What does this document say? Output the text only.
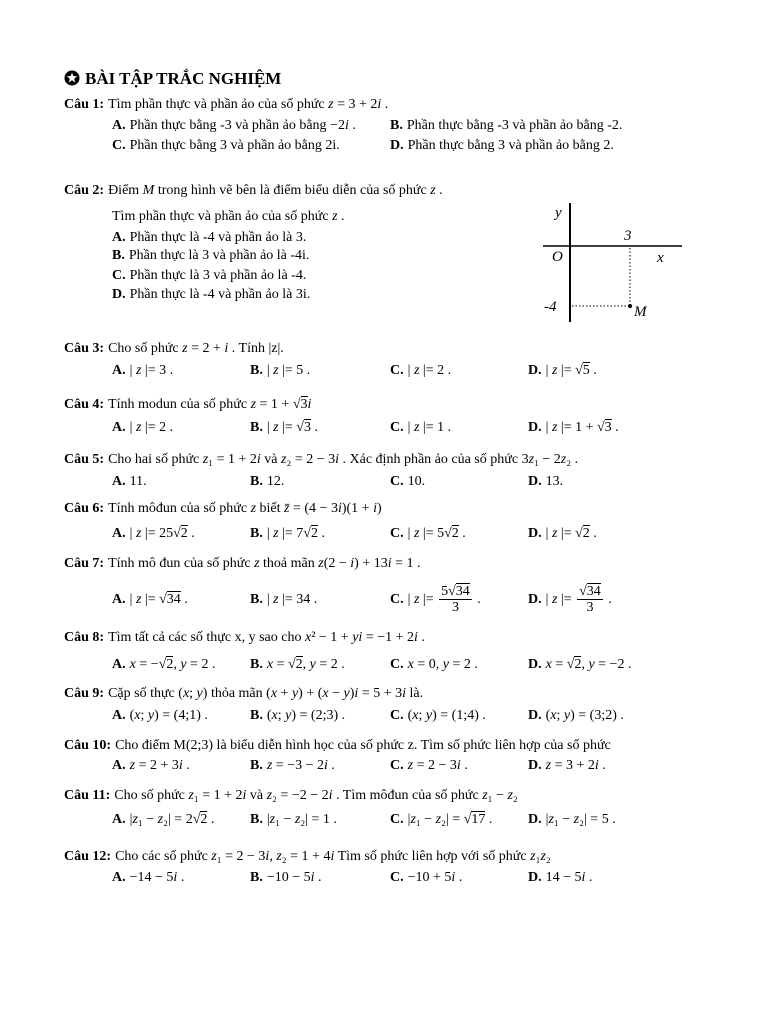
BÀI TẬP TRẮC NGHIỆM
y
O	x
3
-4	M
Câu 1: Tìm phần thực và phần ảo của số phức z = 3 + 2i .
A. Phần thực bằng -3 và phần ảo bằng −2i . B. Phần thực bằng -3 và phần ảo bằng -2.
C. Phần thực bằng 3 và phần ảo bằng 2i.	D. Phần thực bằng 3 và phần ảo bằng 2.
Câu 2: Điểm M trong hình vẽ bên là điểm biểu diễn của số phức z .
Tìm phần thực và phần ảo của số phức z .
A. Phần thực là -4 và phần ảo là 3.
B. Phần thực là 3 và phần ảo là -4i.
C. Phần thực là 3 và phần ảo là -4.
D. Phần thực là -4 và phần ảo là 3i.
Câu 3: Cho số phức z = 2 + i . Tính |z|.
A. | z |= 3 .	B. | z |= 5 .	C. | z |= 2 .	D. | z |= √5 .
Câu 4: Tính modun của số phức z = 1 + √3i
A. | z |= 2 .	B. | z |= √3 .	C. | z |= 1 .	D. | z |= 1 + √3 .
Câu 5: Cho hai số phức z₁ = 1 + 2i và z₂ = 2 − 3i . Xác định phần ảo của số phức 3z₁ − 2z₂ .
A. 11.	B. 12.	C. 10.	D. 13.
Câu 6: Tính môđun của số phức z biết z̄ = (4 − 3i)(1 + i)
A. | z |= 25√2 .	B. | z |= 7√2 .	C. | z |= 5√2 .	D. | z |= √2 .
Câu 7: Tính mô đun của số phức z thoả mãn z(2 − i) + 13i = 1 .
A. | z |= √34 .	B. | z |= 34 .	C. | z |= $\frac{5√34}{3}$ .	D. | z |= $\frac{√34}{3}$ .
Câu 8: Tìm tất cả các số thực x, y sao cho x² − 1 + yi = −1 + 2i .
A. x = −√2, y = 2 . B. x = √2, y = 2 .	C. x = 0, y = 2 .	D. x = √2, y = −2 .
Câu 9: Cặp số thực (x; y) thỏa mãn (x + y) + (x − y)i = 5 + 3i là.
A. (x; y) = (4;1) .	B. (x; y) = (2;3) .	C. (x; y) = (1;4) .	D. (x; y) = (3;2) .
Câu 10: Cho điểm M(2;3) là biểu diễn hình học của số phức z. Tìm số phức liên hợp của số phức
A. z = 2 + 3i .	B. z = −3 − 2i .	C. z = 2 − 3i .	D. z = 3 + 2i .
Câu 11: Cho số phức z₁ = 1 + 2i và z₂ = −2 − 2i . Tìm môđun của số phức z₁ − z₂
A. |z₁ − z₂| = 2√2 .	B. |z₁ − z₂| = 1 .	C. |z₁ − z₂| = √17 .	D. |z₁ − z₂| = 5 .
Câu 12: Cho các số phức z₁ = 2 − 3i, z₂ = 1 + 4i Tìm số phức liên hợp với số phức z₁z₂
A. −14 − 5i .	B. −10 − 5i .	C. −10 + 5i .	D. 14 − 5i .
